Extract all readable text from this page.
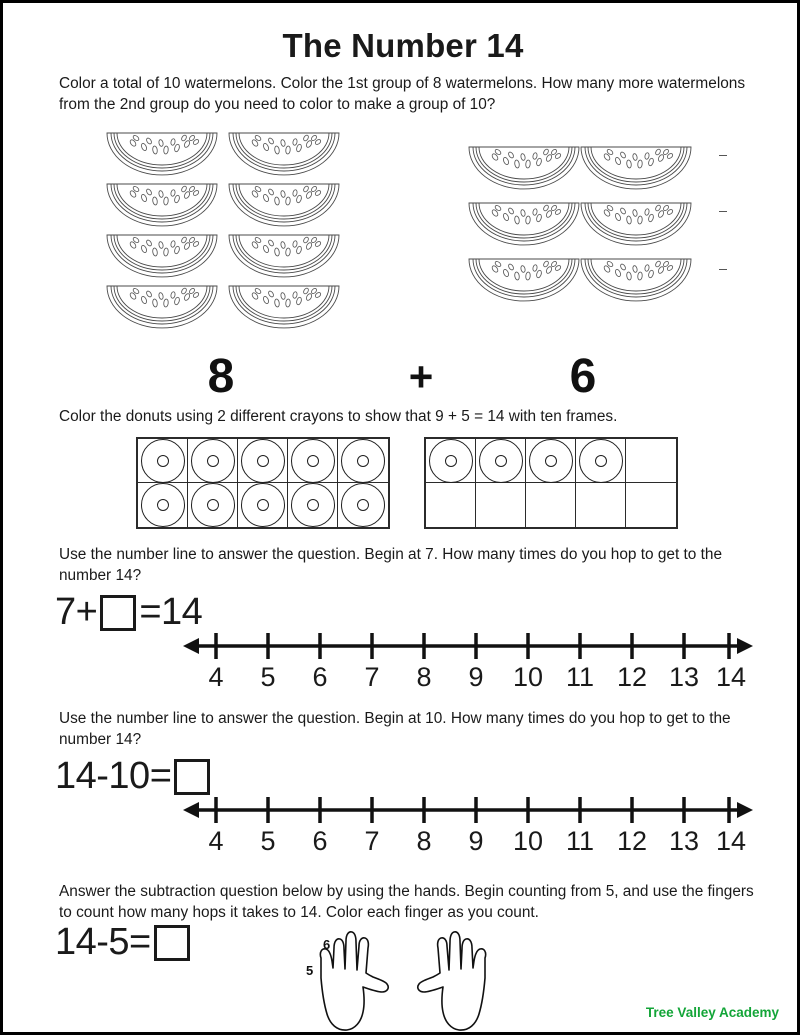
The Number 14
Color a total of 10 watermelons. Color the 1st group of 8 watermelons. How many more watermelons from the 2nd group do you need to color to make a group of 10?
8	+	6
Color the donuts using 2 different crayons to show that 9 + 5 = 14 with ten frames.
Use the number line to answer the question. Begin at 7. How many times do you hop to get to the number 14?
7+ =14
4 5 6 7 8 9 10 11 12 13 14
Use the number line to answer the question. Begin at 10. How many times do you hop to get to the number 14?
14-10=
4 5 6 7 8 9 10 11 12 13 14
Answer the subtraction question below by using the hands. Begin counting from 5, and use the fingers to count how many hops it takes to 14. Color each finger as you count.
14-5=
5
6
Tree Valley Academy
